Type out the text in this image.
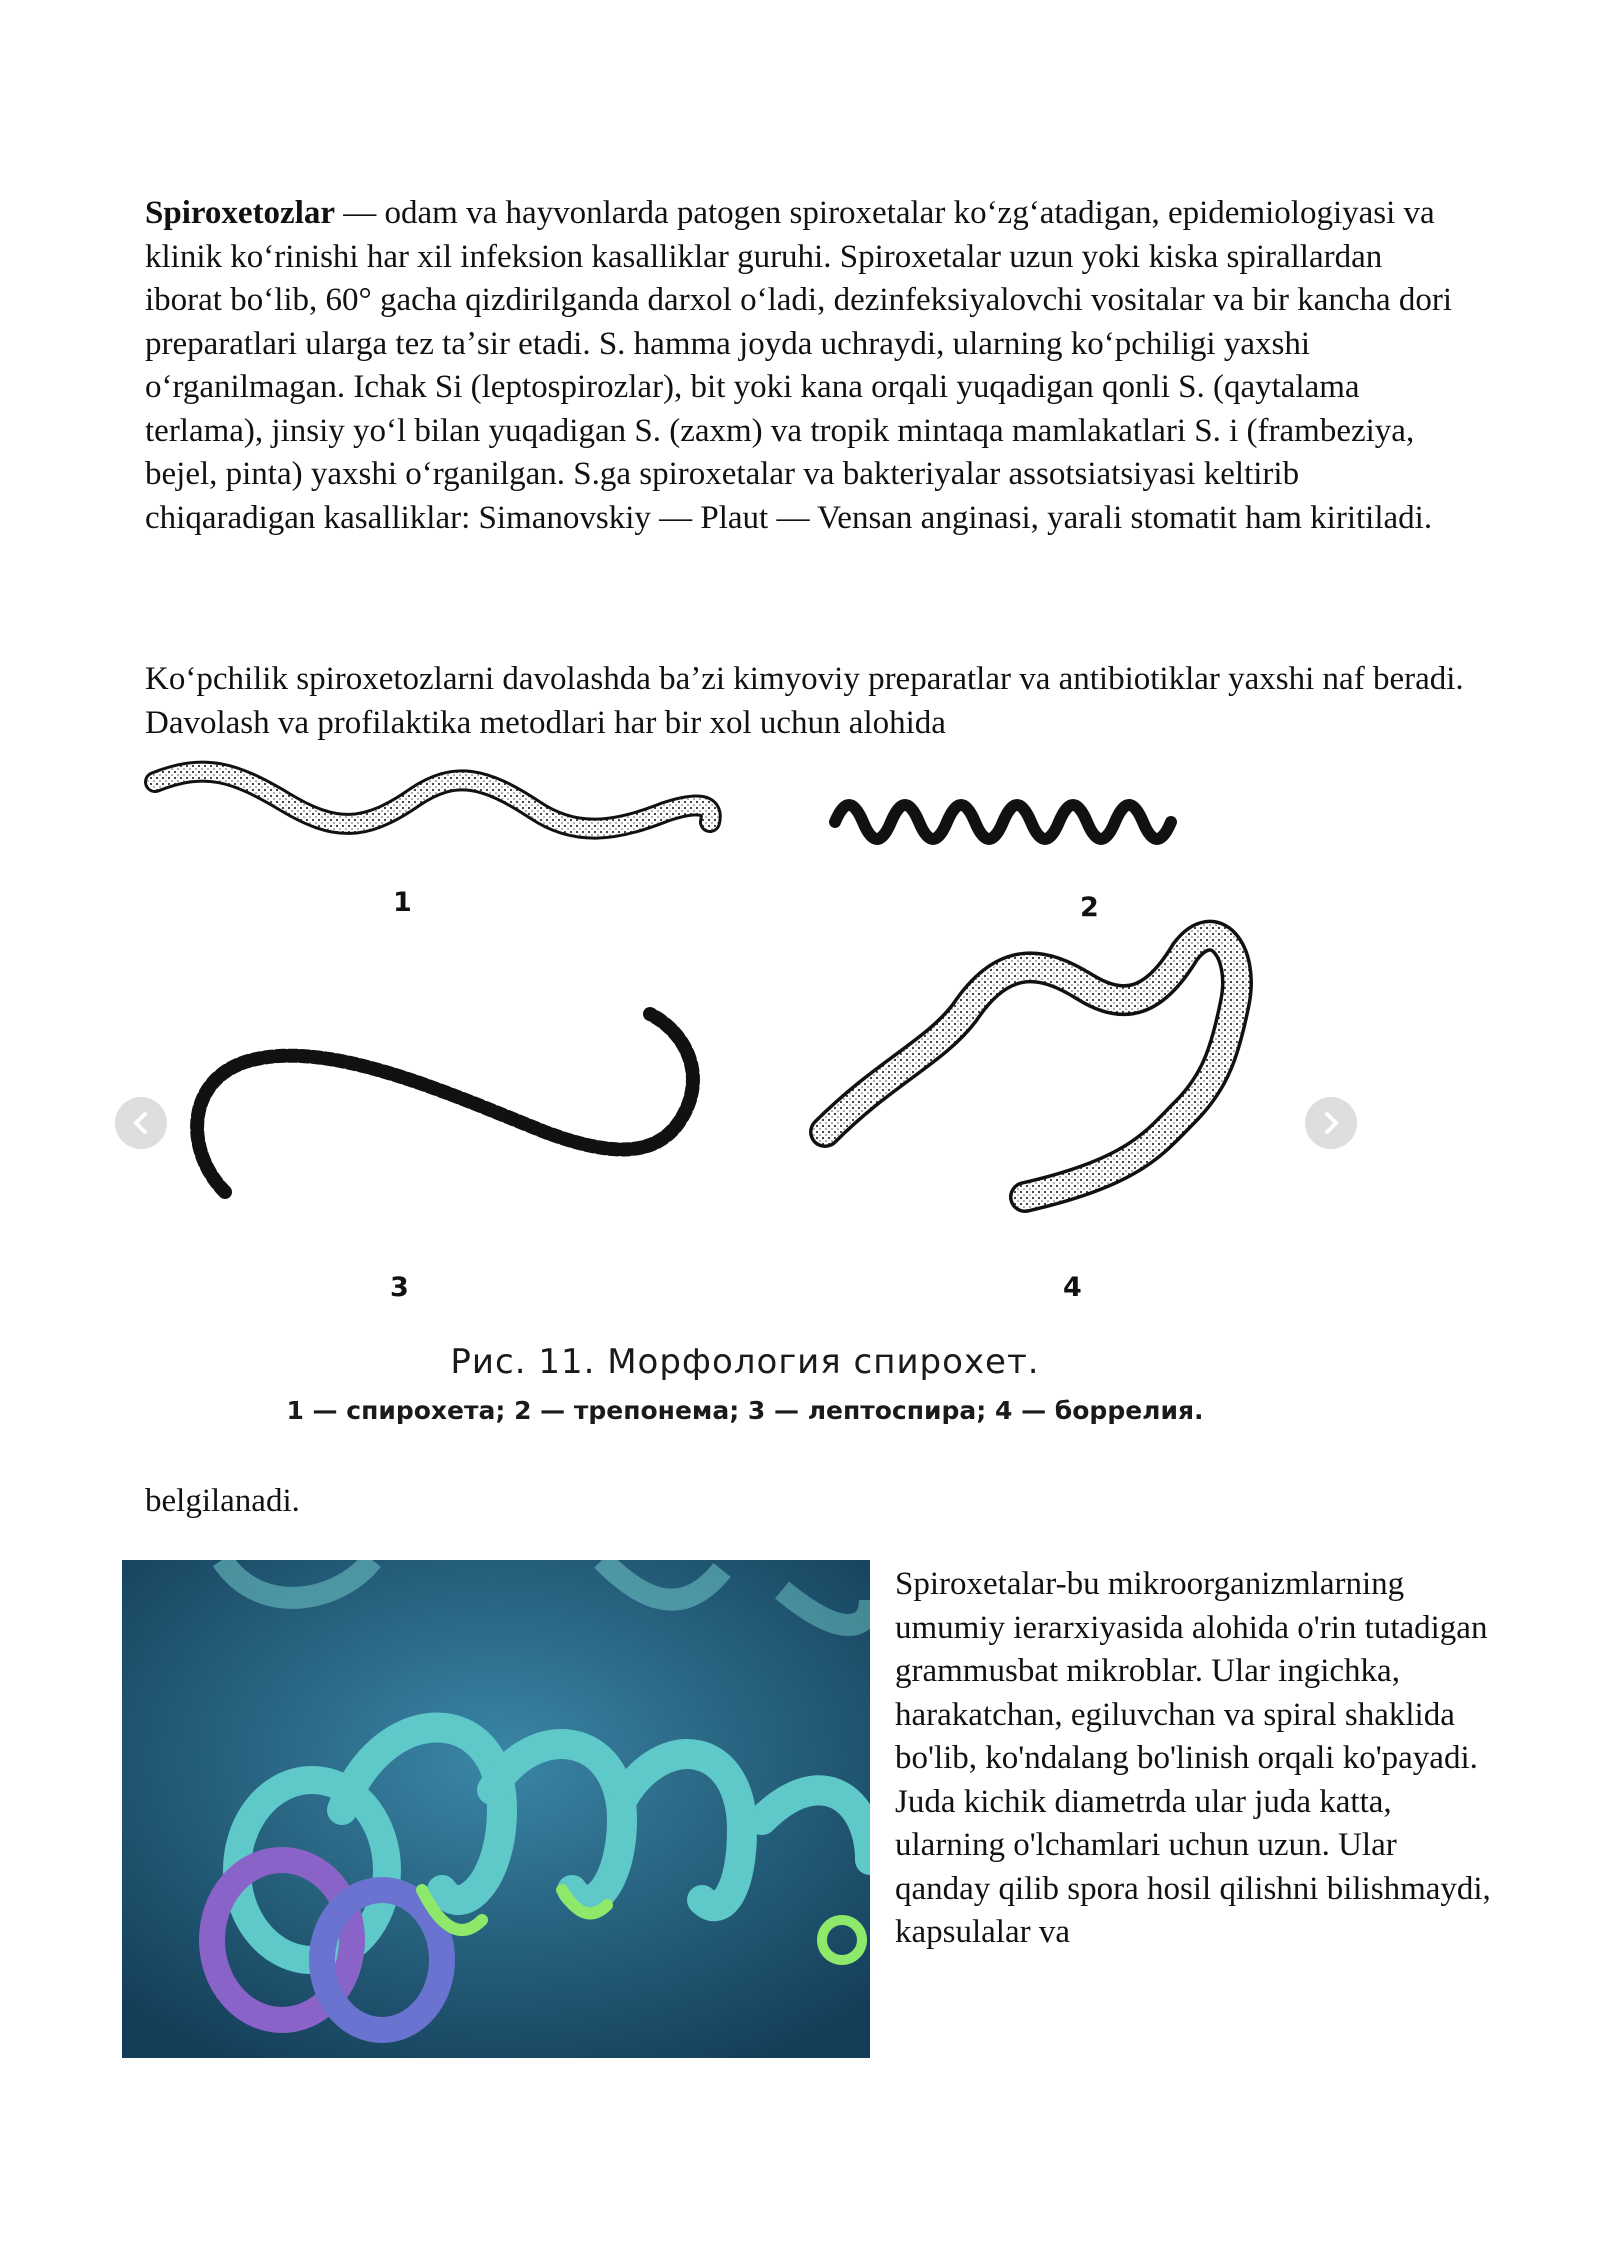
Spiroxetozlar — odam va hayvonlarda patogen spiroxetalar koʻzgʻatadigan, epidemiologiyasi va klinik koʻrinishi har xil infeksion kasalliklar guruhi. Spiroxetalar uzun yoki kiska spirallardan iborat boʻlib, 60° gacha qizdirilganda darxol oʻladi, dezinfeksiyalovchi vositalar va bir kancha dori preparatlari ularga tez taʼsir etadi. S. hamma joyda uchraydi, ularning koʻpchiligi yaxshi oʻrganilmagan. Ichak Si (leptospirozlar), bit yoki kana orqali yuqadigan qonli S. (qaytalama terlama), jinsiy yoʻl bilan yuqadigan S. (zaxm) va tropik mintaqa mamlakatlari S. i (frambeziya, bejel, pinta) yaxshi oʻrganilgan. S.ga spiroxetalar va bakteriyalar assotsiatsiyasi keltirib chiqaradigan kasalliklar: Simanovskiy — Plaut — Vensan anginasi, yarali stomatit ham kiritiladi.

Koʻpchilik spiroxetozlarni davolashda baʼzi kimyoviy preparatlar va antibiotiklar yaxshi naf beradi. Davolash va profilaktika metodlari har bir xol uchun alohida

1	2
3	4
Рис. 11. Морфология спирохет.
1 — спирохета; 2 — трепонема; 3 — лептоспира; 4 — боррелия.

belgilanadi.

Spiroxetalar-bu mikroorganizmlarning umumiy ierarxiyasida alohida o'rin tutadigan grammusbat mikroblar. Ular ingichka, harakatchan, egiluvchan va spiral shaklida bo'lib, ko'ndalang bo'linish orqali ko'payadi. Juda kichik diametrda ular juda katta, ularning o'lchamlari uchun uzun. Ular qanday qilib spora hosil qilishni bilishmaydi, kapsulalar va
